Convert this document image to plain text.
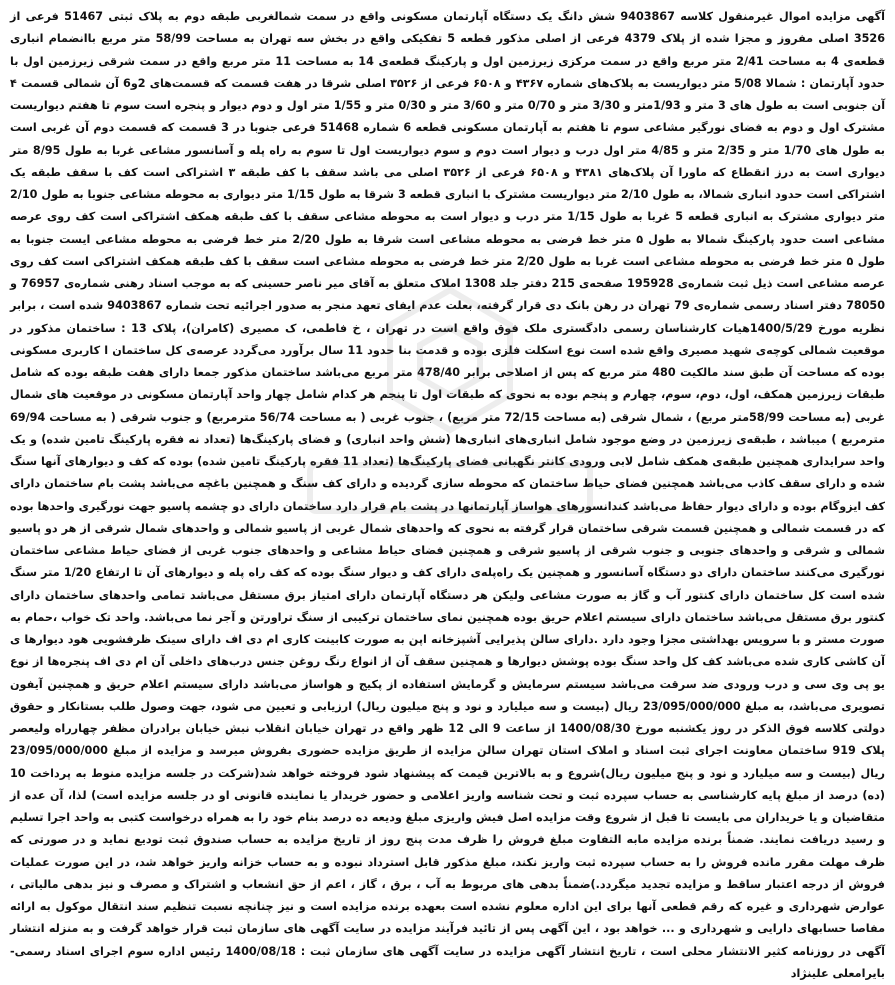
آگهی مزایده اموال غیرمنقول کلاسه 9403867 شش دانگ یک دستگاه آپارتمان مسکونی واقع در سمت شمالغربی طبقه دوم به پلاک ثبتی 51467 فرعی از 3526 اصلی مفروز و مجزا شده از پلاک 4379 فرعی از اصلی مذکور قطعه 5 تفکیکی واقع در بخش سه تهران به مساحت 58/99 متر مربع باانضمام انباری قطعه‌ی 4 به مساحت 2/41 متر مربع واقع در سمت مرکزی زیرزمین اول و پارکینگ قطعه‌ی 14 به مساحت 11 متر مربع واقع در سمت شرقی زیرزمین اول با حدود آپارتمان : شمالا 5/08 متر دیواریست به پلاک‌های شماره ۴۳۶۷ و ۶۵۰۸ فرعی از ۳۵۲۶ اصلی شرقا در هفت قسمت که قسمت‌های 2و6 آن شمالی قسمت ۴ آن جنوبی است به طول های 3 متر و 1/93متر و 3/30 متر و 0/70 متر و 3/60 متر و 0/30 متر و 1/55 متر اول و دوم دیوار و پنجره است سوم تا هفتم دیواریست مشترک اول و دوم به فضای نورگیر مشاعی سوم تا هفتم به آپارتمان مسکونی قطعه 6 شماره 51468 فرعی جنوبا در 3 قسمت که قسمت دوم آن غربی است به طول های 1/70 متر و 2/35 متر و 4/85 متر اول درب و دیوار است دوم و سوم دیواریست اول تا سوم به راه پله و آسانسور مشاعی غربا به طول 8/95 متر دیواری است به درز انقطاع که ماورا آن پلاک‌های ۴۳۸۱ و ۶۵۰۸ فرعی از ۳۵۲۶ اصلی می باشد سقف با کف طبقه ۳ اشتراکی است کف با سقف طبقه یک اشتراکی است حدود انباری شمالا، به طول 2/10 متر دیواریست مشترک با انباری قطعه 3 شرقا به طول 1/15 متر دیواری به محوطه مشاعی جنوبا به طول 2/10 متر دیواری مشترک به انباری قطعه 5 غربا به طول 1/15 متر درب و دیوار است به محوطه مشاعی سقف با کف طبقه همکف اشتراکی است کف روی عرصه مشاعی است حدود پارکینگ شمالا به طول ۵ متر خط فرضی به محوطه مشاعی است شرقا به طول 2/20 متر خط فرضی به محوطه مشاعی ایست جنوبا به طول ۵ متر خط فرضی به محوطه مشاعی است غربا به طول 2/20 متر خط فرضی به محوطه مشاعی است سقف با کف طبقه همکف اشتراکی است کف روی عرصه مشاعی است ذیل ثبت شماره‌ی 195928 صفحه‌ی 215 دفتر جلد 1308 املاک متعلق به آقای میر ناصر حسینی که به موجب اسناد رهنی شماره‌ی 76957 و 78050 دفتر اسناد رسمی شماره‌ی 79 تهران در رهن بانک دی قرار گرفته، بعلت عدم ایفای تعهد منجر به صدور اجرائیه تحت شماره 9403867 شده است ، برابر نظریه مورخ 1400/5/29هیات کارشناسان رسمی دادگستری ملک فوق واقع است در تهران ، خ فاطمی، ک مصیری (کامران)، پلاک 13 : ساختمان مذکور در موقعیت شمالی کوچه‌ی شهید مصیری واقع شده است نوع اسکلت فلزی بوده و قدمت بنا حدود 11 سال برآورد می‌گردد عرصه‌ی کل ساختمان ا کاربری مسکونی بوده که مساحت آن طبق سند مالکیت 480 متر مربع که پس از اصلاحی برابر 478/40 متر مربع می‌باشد ساختمان مذکور جمعا دارای هفت طبقه بوده که شامل طبقات زیرزمین همکف، اول، دوم، سوم، چهارم و پنجم بوده به نحوی که طبقات اول تا پنجم هر کدام شامل چهار واحد آپارتمان مسکونی در موقعیت های شمال غربی (به مساحت 58/99متر مربع) ، شمال شرقی (به مساحت 72/15 متر مربع) ، جنوب غربی ( به مساحت 56/74 مترمربع) و جنوب شرقی ( به مساحت 69/94 مترمربع ) میباشد ، طبقه‌ی زیرزمین در وضع موجود شامل انباری‌های انباری‌ها (شش واحد انباری) و فضای پارکینگ‌ها (تعداد نه فقره پارکینگ تامین شده) و یک واحد سرایداری همچنین طبقه‌ی همکف شامل لابی ورودی کانتر نگهبانی فضای پارکینگ‌ها (تعداد 11 فقره پارکینگ تامین شده) بوده که کف و دیوارهای آنها سنگ شده و دارای سقف کاذب می‌باشد همچنین فضای حیاط ساختمان که محوطه سازی گردیده و دارای کف سنگ و همچنین باغچه می‌باشد پشت بام ساختمان دارای کف ایزوگام بوده و دارای دیوار حفاظ می‌باشد کندانسورهای هواساز آپارتمانها در پشت بام قرار دارد ساختمان دارای دو چشمه پاسیو جهت نورگیری واحدها بوده که در قسمت شمالی و همچنین قسمت شرقی ساختمان قرار گرفته به نحوی که واحدهای شمال غربی از پاسیو شمالی و واحدهای شمال شرقی از هر دو پاسیو شمالی و شرقی و واحدهای جنوبی و جنوب شرقی از پاسیو شرقی و همچنین فضای حیاط مشاعی و واحدهای جنوب غربی از فضای حیاط مشاعی ساختمان نورگیری می‌کنند ساختمان دارای دو دستگاه آسانسور و همچنین یک راه‌پله‌ی دارای کف و دیوار سنگ بوده که کف راه پله و دیوارهای آن تا ارتفاع 1/20 متر سنگ شده است کل ساختمان دارای کنتور آب و گاز به صورت مشاعی ولیکن هر دستگاه آپارتمان دارای امتیاز برق مستقل می‌باشد تمامی واحدهای ساختمان دارای کنتور برق مستقل می‌باشد ساختمان دارای سیستم اعلام حریق بوده همچنین نمای ساختمان ترکیبی از سنگ تراورتن و آجر نما می‌باشد. واحد تک خواب ،حمام به صورت مستر و با سرویس بهداشتی مجزا وجود دارد .دارای سالن پذیرایی آشپزخانه اپن به صورت کابینت کاری ام دی اف دارای سینک ظرفشویی هود دیوارها ی آن کاشی کاری شده می‌باشد کف کل واحد سنگ بوده پوشش دیوارها و همچنین سقف آن از انواع رنگ روغن جنس درب‌های داخلی آن ام دی اف پنجره‌ها از نوع یو پی وی سی و درب ورودی ضد سرقت می‌باشد سیستم سرمایش و گرمایش استفاده از پکیج و هواساز می‌باشد دارای سیستم اعلام حریق و همچنین آیفون تصویری می‌باشد، به مبلغ 23/095/000/000 ریال (بیست و سه میلیارد و نود و پنج میلیون ریال) ارزیابی و تعیین می شود، جهت وصول طلب بستانکار و حقوق دولتی کلاسه فوق الذکر در روز یکشنبه مورخ 1400/08/30 از ساعت 9 الی 12 ظهر واقع در تهران خیابان انقلاب نبش خیابان برادران مظفر چهارراه ولیعصر پلاک 919 ساختمان معاونت اجرای ثبت اسناد و املاک استان تهران سالن مزایده از طریق مزایده حضوری بفروش میرسد و مزایده از مبلغ 23/095/000/000 ریال (بیست و سه میلیارد و نود و پنج میلیون ریال)شروع و به بالاترین قیمت که پیشنهاد شود فروخته خواهد شد(شرکت در جلسه مزایده منوط به پرداخت 10 (ده) درصد از مبلغ پایه کارشناسی به حساب سپرده ثبت و تحت شناسه واریز اعلامی و حضور خریدار یا نماینده قانونی او در جلسه مزایده است) لذا، آن عده از متقاضیان و یا خریداران می بایست تا قبل از شروع وقت مزایده اصل فیش واریزی مبلغ ودیعه ده درصد بنام خود را به همراه درخواست کتبی به واحد اجرا تسلیم و رسید دریافت نمایند. ضمناً برنده مزایده مابه التفاوت مبلغ فروش را ظرف مدت پنج روز از تاریخ مزایده به حساب صندوق ثبت تودیع نماید و در صورتی که ظرف مهلت مقرر مانده فروش را به حساب سپرده ثبت واریز نکند، مبلغ مذکور قابل استرداد نبوده و به حساب خزانه واریز خواهد شد، در این صورت عملیات فروش از درجه اعتبار ساقط و مزایده تجدید میگردد.)ضمناً بدهی های مربوط به آب ، برق ، گاز ، اعم از حق انشعاب و اشتراک و مصرف و نیز بدهی مالیاتی ، عوارض شهرداری و غیره که رقم قطعی آنها برای این اداره معلوم نشده است بعهده برنده مزایده است و نیز چنانچه نسبت تنظیم سند انتقال موکول به ارائه مفاصا حسابهای دارایی و شهرداری و ... خواهد بود ، این آگهی پس از تائید فرآیند مزایده در سایت آگهی های سازمان ثبت قرار خواهد گرفت و به منزله انتشار آگهی در روزنامه کثیر الانتشار محلی است ، تاریخ انتشار آگهی مزایده در سایت آگهی های سازمان ثبت : 1400/08/18 رئیس اداره سوم اجرای اسناد رسمی- بایرامعلی علینژاد
